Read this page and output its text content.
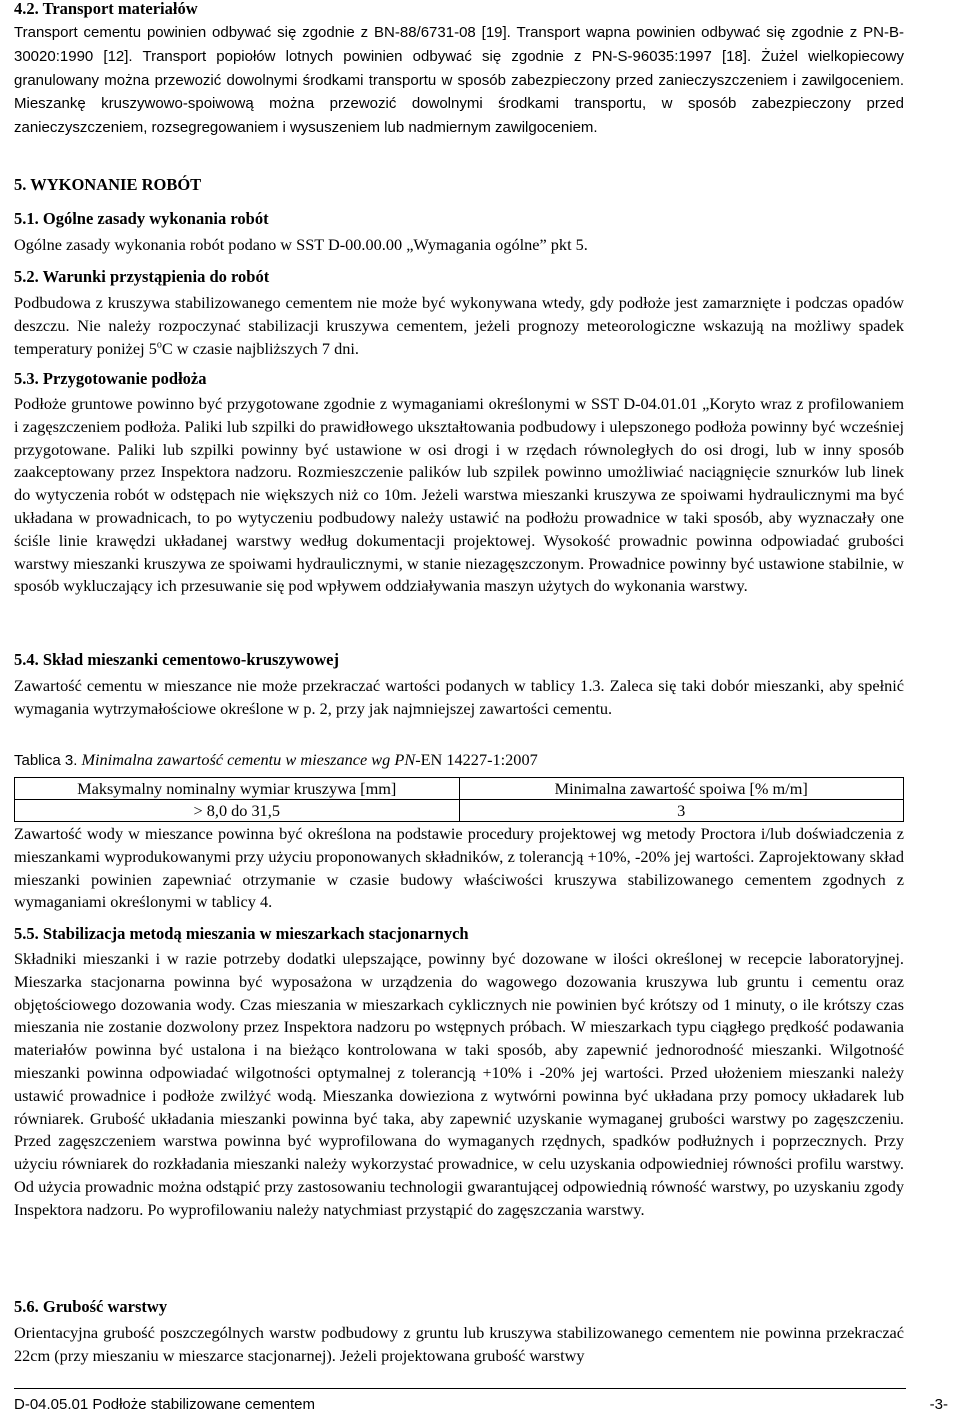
4.2. Transport materiałów

Transport cementu powinien odbywać się zgodnie z BN-88/6731-08 [19]. Transport wapna powinien odbywać się zgodnie z PN-B-30020:1990 [12]. Transport popiołów lotnych powinien odbywać się zgodnie z PN-S-96035:1997 [18]. Żużel wielkopiecowy granulowany można przewozić dowolnymi środkami transportu w sposób zabezpieczony przed zanieczyszczeniem i zawilgoceniem. Mieszankę kruszywowo-spoiwową można przewozić dowolnymi środkami transportu, w sposób zabezpieczony przed zanieczyszczeniem, rozsegregowaniem i wysuszeniem lub nadmiernym zawilgoceniem.

5. WYKONANIE ROBÓT

5.1. Ogólne zasady wykonania robót

Ogólne zasady wykonania robót podano w SST D-00.00.00 „Wymagania ogólne” pkt 5.

5.2. Warunki przystąpienia do robót

Podbudowa z kruszywa stabilizowanego cementem nie może być wykonywana wtedy, gdy podłoże jest zamarznięte i podczas opadów deszczu. Nie należy rozpoczynać stabilizacji kruszywa cementem, jeżeli prognozy meteorologiczne wskazują na możliwy spadek temperatury poniżej 5$^o$C w czasie najbliższych 7 dni.

5.3. Przygotowanie podłoża

Podłoże gruntowe powinno być przygotowane zgodnie z wymaganiami określonymi w SST D-04.01.01 „Koryto wraz z profilowaniem i zagęszczeniem podłoża. Paliki lub szpilki do prawidłowego ukształtowania podbudowy i ulepszonego podłoża powinny być wcześniej przygotowane. Paliki lub szpilki powinny być ustawione w osi drogi i w rzędach równoległych do osi drogi, lub w inny sposób zaakceptowany przez Inspektora nadzoru. Rozmieszczenie palików lub szpilek powinno umożliwiać naciągnięcie sznurków lub linek do wytyczenia robót w odstępach nie większych niż co 10m. Jeżeli warstwa mieszanki kruszywa ze spoiwami hydraulicznymi ma być układana w prowadnicach, to po wytyczeniu podbudowy należy ustawić na podłożu prowadnice w taki sposób, aby wyznaczały one ściśle linie krawędzi układanej warstwy według dokumentacji projektowej. Wysokość prowadnic powinna odpowiadać grubości warstwy mieszanki kruszywa ze spoiwami hydraulicznymi, w stanie niezagęszczonym. Prowadnice powinny być ustawione stabilnie, w sposób wykluczający ich przesuwanie się pod wpływem oddziaływania maszyn użytych do wykonania warstwy.

5.4. Skład mieszanki cementowo-kruszywowej

Zawartość cementu w mieszance nie może przekraczać wartości podanych w tablicy 1.3. Zaleca się taki dobór mieszanki, aby spełnić wymagania wytrzymałościowe określone w p. 2, przy jak najmniejszej zawartości cementu.

Tablica 3. Minimalna zawartość cementu w mieszance wg PN-EN 14227-1:2007

Maksymalny nominalny wymiar kruszywa [mm]	Minimalna zawartość spoiwa [% m/m]
> 8,0 do 31,5	3

Zawartość wody w mieszance powinna być określona na podstawie procedury projektowej wg metody Proctora i/lub doświadczenia z mieszankami wyprodukowanymi przy użyciu proponowanych składników, z tolerancją +10%, -20% jej wartości. Zaprojektowany skład mieszanki powinien zapewniać otrzymanie w czasie budowy właściwości kruszywa stabilizowanego cementem zgodnych z wymaganiami określonymi w tablicy 4.

5.5. Stabilizacja metodą mieszania w mieszarkach stacjonarnych

Składniki mieszanki i w razie potrzeby dodatki ulepszające, powinny być dozowane w ilości określonej w recepcie laboratoryjnej. Mieszarka stacjonarna powinna być wyposażona w urządzenia do wagowego dozowania kruszywa lub gruntu i cementu oraz objętościowego dozowania wody. Czas mieszania w mieszarkach cyklicznych nie powinien być krótszy od 1 minuty, o ile krótszy czas mieszania nie zostanie dozwolony przez Inspektora nadzoru po wstępnych próbach. W mieszarkach typu ciągłego prędkość podawania materiałów powinna być ustalona i na bieżąco kontrolowana w taki sposób, aby zapewnić jednorodność mieszanki. Wilgotność mieszanki powinna odpowiadać wilgotności optymalnej z tolerancją +10% i -20% jej wartości. Przed ułożeniem mieszanki należy ustawić prowadnice i podłoże zwilżyć wodą. Mieszanka dowieziona z wytwórni powinna być układana przy pomocy układarek lub równiarek. Grubość układania mieszanki powinna być taka, aby zapewnić uzyskanie wymaganej grubości warstwy po zagęszczeniu. Przed zagęszczeniem warstwa powinna być wyprofilowana do wymaganych rzędnych, spadków podłużnych i poprzecznych. Przy użyciu równiarek do rozkładania mieszanki należy wykorzystać prowadnice, w celu uzyskania odpowiedniej równości profilu warstwy. Od użycia prowadnic można odstąpić przy zastosowaniu technologii gwarantującej odpowiednią równość warstwy, po uzyskaniu zgody Inspektora nadzoru. Po wyprofilowaniu należy natychmiast przystąpić do zagęszczania warstwy.

5.6. Grubość warstwy

Orientacyjna grubość poszczególnych warstw podbudowy z gruntu lub kruszywa stabilizowanego cementem nie powinna przekraczać 22cm (przy mieszaniu w mieszarce stacjonarnej). Jeżeli projektowana grubość warstwy

D-04.05.01 Podłoże stabilizowane cementem	-3-
